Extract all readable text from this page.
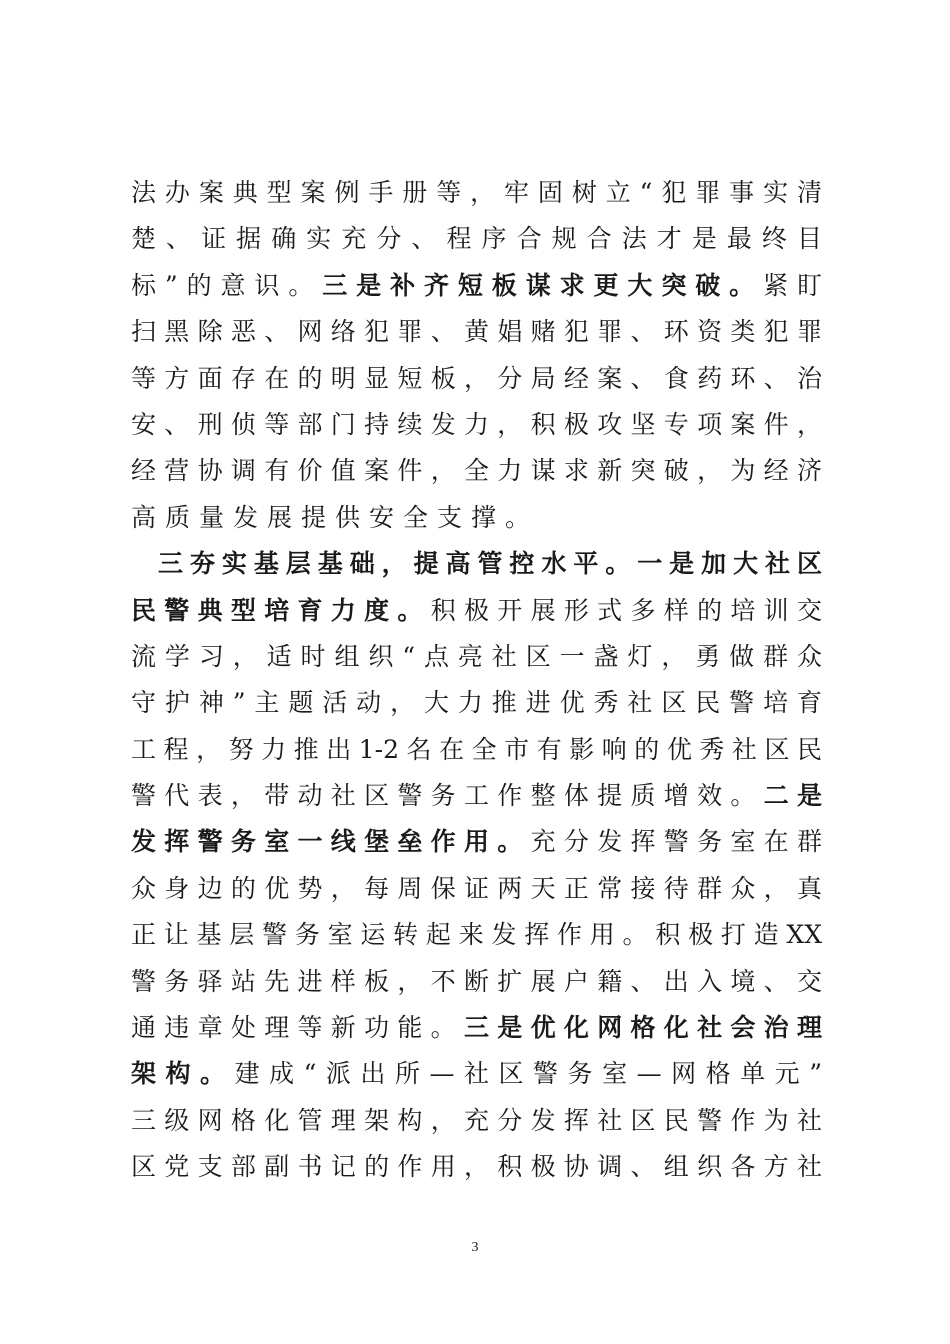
法办案典型案例手册等，牢固树立“犯罪事实清
楚、证据确实充分、程序合规合法才是最终目
标”的意识。三是补齐短板谋求更大突破。紧盯
扫黑除恶、网络犯罪、黄娼赌犯罪、环资类犯罪
等方面存在的明显短板，分局经案、食药环、治
安、刑侦等部门持续发力，积极攻坚专项案件，
经营协调有价值案件，全力谋求新突破，为经济
高质量发展提供安全支撑。
三夯实基层基础，提高管控水平。一是加大社区
民警典型培育力度。积极开展形式多样的培训交
流学习，适时组织“点亮社区一盏灯，勇做群众
守护神”主题活动，大力推进优秀社区民警培育
工程，努力推出1-2名在全市有影响的优秀社区民
警代表，带动社区警务工作整体提质增效。二是
发挥警务室一线堡垒作用。充分发挥警务室在群
众身边的优势，每周保证两天正常接待群众，真
正让基层警务室运转起来发挥作用。积极打造XX
警务驿站先进样板，不断扩展户籍、出入境、交
通违章处理等新功能。三是优化网格化社会治理
架构。建成“派出所—社区警务室—网格单元”
三级网格化管理架构，充分发挥社区民警作为社
区党支部副书记的作用，积极协调、组织各方社
3
